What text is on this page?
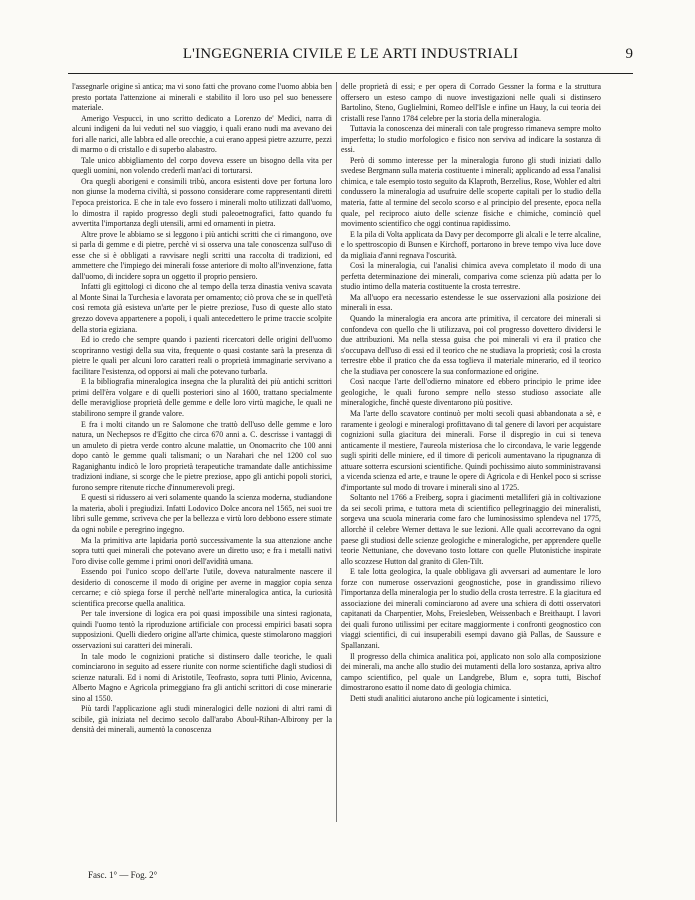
L'INGEGNERIA CIVILE E LE ARTI INDUSTRIALI	9

l'assegnarle origine sì antica; ma vi sono fatti che provano come l'uomo abbia ben presto portata l'attenzione ai minerali e stabilito il loro uso pel suo benessere materiale.

Amerigo Vespucci, in uno scritto dedicato a Lorenzo de' Medici, narra di alcuni indigeni da lui veduti nel suo viaggio, i quali erano nudi ma avevano dei fori alle narici, alle labbra ed alle orecchie, a cui erano appesi pietre azzurre, pezzi di marmo o di cristallo e di superbo alabastro.

Tale unico abbigliamento del corpo doveva essere un bisogno della vita per quegli uomini, non volendo crederli man'aci di torturarsi.

Ora quegli aborigeni e consimili tribù, ancora esistenti dove per fortuna loro non giunse la moderna civiltà, si possono considerare come rappresentanti diretti l'epoca preistorica. E che in tale evo fossero i minerali molto utilizzati dall'uomo, lo dimostra il rapido progresso degli studi paleoetnografici, fatto quando fu avvertita l'importanza degli utensili, armi ed ornamenti in pietra.

Altre prove le abbiamo se si leggono i più antichi scritti che ci rimangono, ove si parla di gemme e di pietre, perchè vi si osserva una tale conoscenza sull'uso di esse che si è obbligati a ravvisare negli scritti una raccolta di tradizioni, ed ammettere che l'impiego dei minerali fosse anteriore di molto all'invenzione, fatta dall'uomo, di incidere sopra un oggetto il proprio pensiero.

Infatti gli egittologi ci dicono che al tempo della terza dinastia veniva scavata al Monte Sinai la Turchesia e lavorata per ornamento; ciò prova che se in quell'età così remota già esisteva un'arte per le pietre preziose, l'uso di queste allo stato grezzo doveva appartenere a popoli, i quali antecedettero le prime traccie scolpite della storia egiziana.

Ed io credo che sempre quando i pazienti ricercatori delle origini dell'uomo scopriranno vestigi della sua vita, frequente o quasi costante sarà la presenza di pietre le quali per alcuni loro caratteri reali o proprietà immaginarie servivano a facilitare l'esistenza, od opporsi ai mali che potevano turbarla.

E la bibliografia mineralogica insegna che la pluralità dei più antichi scrittori primi dell'èra volgare e di quelli posteriori sino al 1600, trattano specialmente delle meravigliose proprietà delle gemme e delle loro virtù magiche, le quali ne stabilirono sempre il grande valore.

E fra i molti citando un re Salomone che trattò dell'uso delle gemme e loro natura, un Nechepsos re d'Egitto che circa 670 anni a. C. descrisse i vantaggi di un amuleto di pietra verde contro alcune malattie, un Onomacrito che 100 anni dopo cantò le gemme quali talismani; o un Narahari che nel 1200 col suo Raganighantu indicò le loro proprietà terapeutiche tramandate dalle antichissime tradizioni indiane, si scorge che le pietre preziose, appo gli antichi popoli storici, furono sempre ritenute ricche d'innumerevoli pregi.

E questi si ridussero ai veri solamente quando la scienza moderna, studiandone la materia, aboli i pregiudizi. Infatti Lodovico Dolce ancora nel 1565, nei suoi tre libri sulle gemme, scriveva che per la bellezza e virtù loro debbono essere stimate da ogni nobile e peregrino ingegno.

Ma la primitiva arte lapidaria portò successivamente la sua attenzione anche sopra tutti quei minerali che potevano avere un diretto uso; e fra i metalli nativi l'oro divise colle gemme i primi onori dell'avidità umana.

Essendo poi l'unico scopo dell'arte l'utile, doveva naturalmente nascere il desiderio di conoscerne il modo di origine per averne in maggior copia senza cercarne; e ciò spiega forse il perchè nell'arte mineralogica antica, la curiosità scientifica precorse quella analitica.

Per tale inversione di logica era poi quasi impossibile una sintesi ragionata, quindi l'uomo tentò la riproduzione artificiale con processi empirici basati sopra supposizioni. Quelli diedero origine all'arte chimica, queste stimolarono maggiori osservazioni sui caratteri dei minerali.

In tale modo le cognizioni pratiche si distinsero dalle teoriche, le quali cominciarono in seguito ad essere riunite con norme scientifiche dagli studiosi di scienze naturali. Ed i nomi di Aristotile, Teofrasto, sopra tutti Plinio, Avicenna, Alberto Magno e Agricola primeggiano fra gli antichi scrittori di cose minerarie sino al 1550.

Più tardi l'applicazione agli studi mineralogici delle nozioni di altri rami di scibile, già iniziata nel decimo secolo dall'arabo Aboul-Rihan-Albirony per la densità dei minerali, aumentò la conoscenza

delle proprietà di essi; e per opera di Corrado Gessner la forma e la struttura offersero un esteso campo di nuove investigazioni nelle quali si distinsero Bartolino, Steno, Guglielmini, Romeo dell'Isle e infine un Hauy, la cui teoria dei cristalli rese l'anno 1784 celebre per la storia della mineralogia.

Tuttavia la conoscenza dei minerali con tale progresso rimaneva sempre molto imperfetta; lo studio morfologico e fisico non serviva ad indicare la sostanza di essi.

Però di sommo interesse per la mineralogia furono gli studi iniziati dallo svedese Bergmann sulla materia costituente i minerali; applicando ad essa l'analisi chimica, e tale esempio tosto seguito da Klaproth, Berzelius, Rose, Wohler ed altri condussero la mineralogia ad usufruire delle scoperte capitali per lo studio della materia, fatte al termine del secolo scorso e al principio del presente, epoca nella quale, pel reciproco aiuto delle scienze fisiche e chimiche, cominciò quel movimento scientifico che oggi continua rapidissimo.

E la pila di Volta applicata da Davy per decomporre gli alcali e le terre alcaline, e lo spettroscopio di Bunsen e Kirchoff, portarono in breve tempo viva luce dove da migliaia d'anni regnava l'oscurità.

Così la mineralogia, cui l'analisi chimica aveva completato il modo di una perfetta determinazione dei minerali, compariva come scienza più adatta per lo studio intimo della materia costituente la crosta terrestre.

Ma all'uopo era necessario estendesse le sue osservazioni alla posizione dei minerali in essa.

Quando la mineralogia era ancora arte primitiva, il cercatore dei minerali si confondeva con quello che li utilizzava, poi col progresso dovettero dividersi le due attribuzioni. Ma nella stessa guisa che poi minerali vi era il pratico che s'occupava dell'uso di essi ed il teorico che ne studiava la proprietà; così la crosta terrestre ebbe il pratico che da essa toglieva il materiale minerario, ed il teorico che la studiava per conoscere la sua conformazione ed origine.

Così nacque l'arte dell'odierno minatore ed ebbero principio le prime idee geologiche, le quali furono sempre nello stesso studioso associate alle mineralogiche, finchè queste diventarono più positive.

Ma l'arte dello scavatore continuò per molti secoli quasi abbandonata a sè, e raramente i geologi e mineralogi profittavano di tal genere di lavori per acquistare cognizioni sulla giacitura dei minerali. Forse il dispregio in cui si teneva anticamente il mestiere, l'aureola misteriosa che lo circondava, le varie leggende sugli spiriti delle miniere, ed il timore di pericoli aumentavano la ripugnanza di attuare sotterra escursioni scientifiche. Quindi pochissimo aiuto somministravansi a vicenda scienza ed arte, e traune le opere di Agricola e di Henkel poco si scrisse d'importante sul modo di trovare i minerali sino al 1725.

Soltanto nel 1766 a Freiberg, sopra i giacimenti metalliferi già in coltivazione da sei secoli prima, e tuttora meta di scientifico pellegrinaggio dei mineralisti, sorgeva una scuola mineraria come faro che luminosissimo splendeva nel 1775, allorchè il celebre Werner dettava le sue lezioni. Alle quali accorrevano da ogni paese gli studiosi delle scienze geologiche e mineralogiche, per apprendere quelle teorie Nettuniane, che dovevano tosto lottare con quelle Plutonistiche inspirate allo scozzese Hutton dal granito di Glen-Tilt.

E tale lotta geologica, la quale obbligava gli avversari ad aumentare le loro forze con numerose osservazioni geognostiche, pose in grandissimo rilievo l'importanza della mineralogia per lo studio della crosta terrestre. E la giacitura ed associazione dei minerali cominciarono ad avere una schiera di dotti osservatori capitanati da Charpentier, Mohs, Freiesleben, Weissenbach e Breithaupt. I lavori dei quali furono utilissimi per ecitare maggiormente i confronti geognostico con viaggi scientifici, di cui insuperabili esempi davano già Pallas, de Saussure e Spallanzani.

Il progresso della chimica analitica poi, applicato non solo alla composizione dei minerali, ma anche allo studio dei mutamenti della loro sostanza, apriva altro campo scientifico, pel quale un Landgrebe, Blum e, sopra tutti, Bischof dimostrarono esatto il nome dato di geologia chimica.

Detti studi analitici aiutarono anche più logicamente i sintetici,

Fasc. 1° — Fog. 2°
